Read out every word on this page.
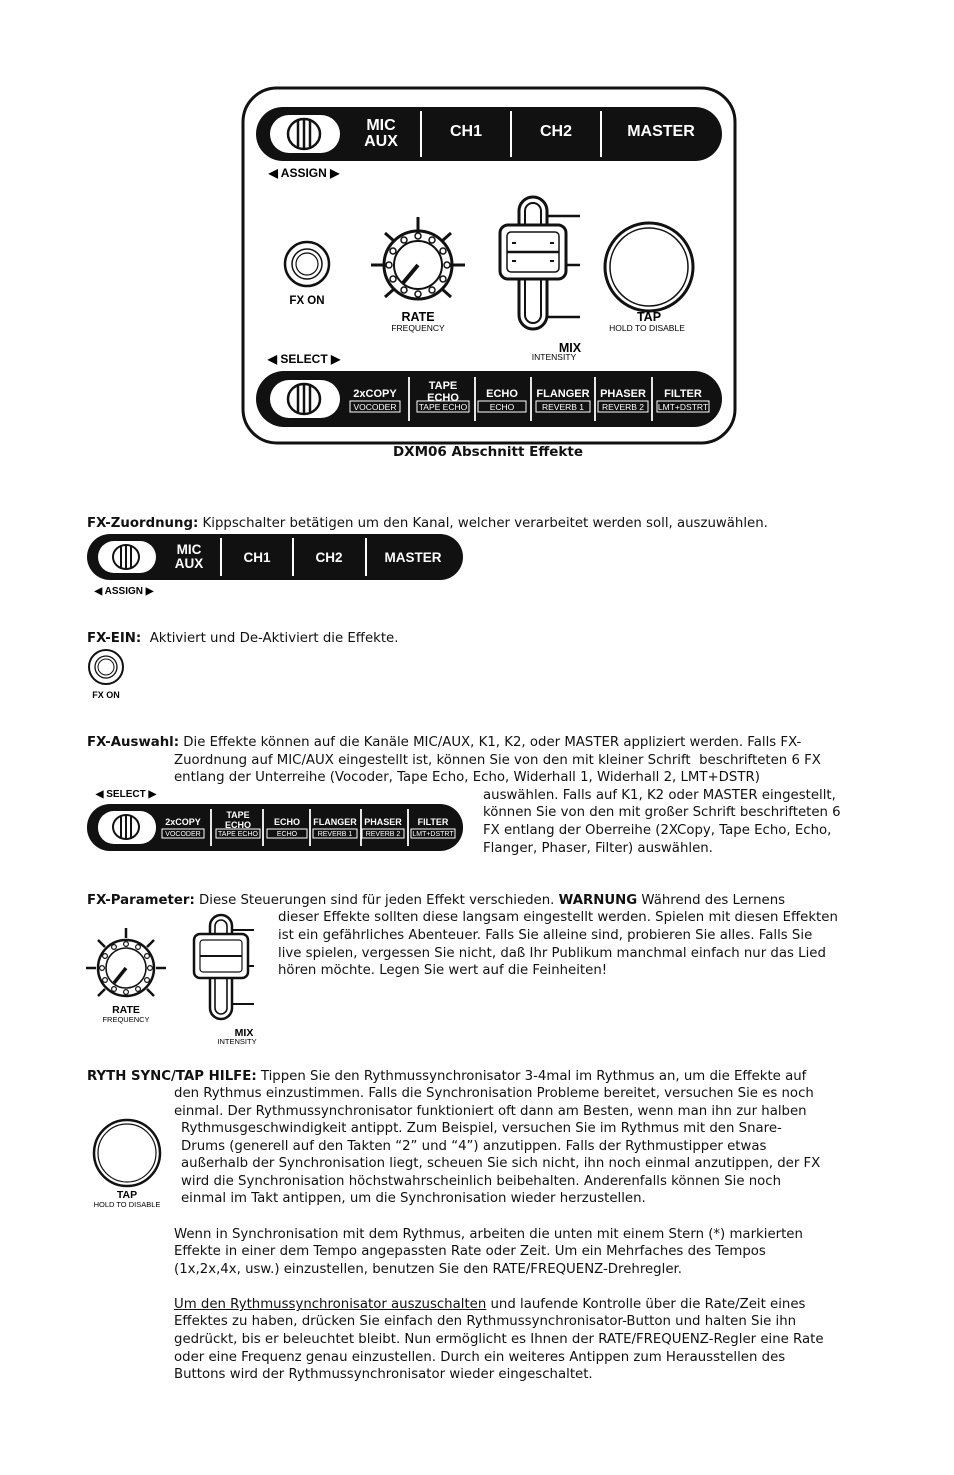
MIC
AUX
CH1	CH2	MASTER
◀ ASSIGN ▶
FX ON
RATE
FREQUENCY
MIX
INTENSITY
TAP
HOLD TO DISABLE
◀ SELECT ▶
2xCOPY
VOCODER
TAPE
ECHO
TAPE ECHO
ECHO
ECHO
FLANGER
REVERB 1
PHASER
REVERB 2
FILTER
LMT+DSTRT
DXM06 Abschnitt Effekte
FX-Zuordnung: Kippschalter betätigen um den Kanal, welcher verarbeitet werden soll, auszuwählen.
MIC
AUX	CH1	CH2	MASTER
◀ ASSIGN ▶
FX-EIN:  Aktiviert und De-Aktiviert die Effekte.
FX ON
FX-Auswahl: Die Effekte können auf die Kanäle MIC/AUX, K1, K2, oder MASTER appliziert werden. Falls FX-
Zuordnung auf MIC/AUX eingestellt ist, können Sie von den mit kleiner Schrift  beschrifteten 6 FX
entlang der Unterreihe (Vocoder, Tape Echo, Echo, Widerhall 1, Widerhall 2, LMT+DSTR)
auswählen. Falls auf K1, K2 oder MASTER eingestellt,
können Sie von den mit großer Schrift beschrifteten 6
FX entlang der Oberreihe (2XCopy, Tape Echo, Echo,
Flanger, Phaser, Filter) auswählen.
◀ SELECT ▶
2xCOPY
VOCODER
TAPE
ECHO
TAPE ECHO
ECHO
ECHO
FLANGER
REVERB 1
PHASER
REVERB 2
FILTER
LMT+DSTRT
FX-Parameter: Diese Steuerungen sind für jeden Effekt verschieden. WARNUNG Während des Lernens
dieser Effekte sollten diese langsam eingestellt werden. Spielen mit diesen Effekten
ist ein gefährliches Abenteuer. Falls Sie alleine sind, probieren Sie alles. Falls Sie
live spielen, vergessen Sie nicht, daß Ihr Publikum manchmal einfach nur das Lied
hören möchte. Legen Sie wert auf die Feinheiten!
RATE
FREQUENCY
MIX
INTENSITY
RYTH SYNC/TAP HILFE: Tippen Sie den Rythmussynchronisator 3-4mal im Rythmus an, um die Effekte auf
den Rythmus einzustimmen. Falls die Synchronisation Probleme bereitet, versuchen Sie es noch
einmal. Der Rythmussynchronisator funktioniert oft dann am Besten, wenn man ihn zur halben
Rythmusgeschwindigkeit antippt. Zum Beispiel, versuchen Sie im Rythmus mit den Snare-
Drums (generell auf den Takten “2” und “4”) anzutippen. Falls der Rythmustipper etwas
außerhalb der Synchronisation liegt, scheuen Sie sich nicht, ihn noch einmal anzutippen, der FX
wird die Synchronisation höchstwahrscheinlich beibehalten. Anderenfalls können Sie noch
einmal im Takt antippen, um die Synchronisation wieder herzustellen.
TAP
HOLD TO DISABLE
Wenn in Synchronisation mit dem Rythmus, arbeiten die unten mit einem Stern (*) markierten
Effekte in einer dem Tempo angepassten Rate oder Zeit. Um ein Mehrfaches des Tempos
(1x,2x,4x, usw.) einzustellen, benutzen Sie den RATE/FREQUENZ-Drehregler.
Um den Rythmussynchronisator auszuschalten und laufende Kontrolle über die Rate/Zeit eines
Effektes zu haben, drücken Sie einfach den Rythmussynchronisator-Button und halten Sie ihn
gedrückt, bis er beleuchtet bleibt. Nun ermöglicht es Ihnen der RATE/FREQUENZ-Regler eine Rate
oder eine Frequenz genau einzustellen. Durch ein weiteres Antippen zum Herausstellen des
Buttons wird der Rythmussynchronisator wieder eingeschaltet.
